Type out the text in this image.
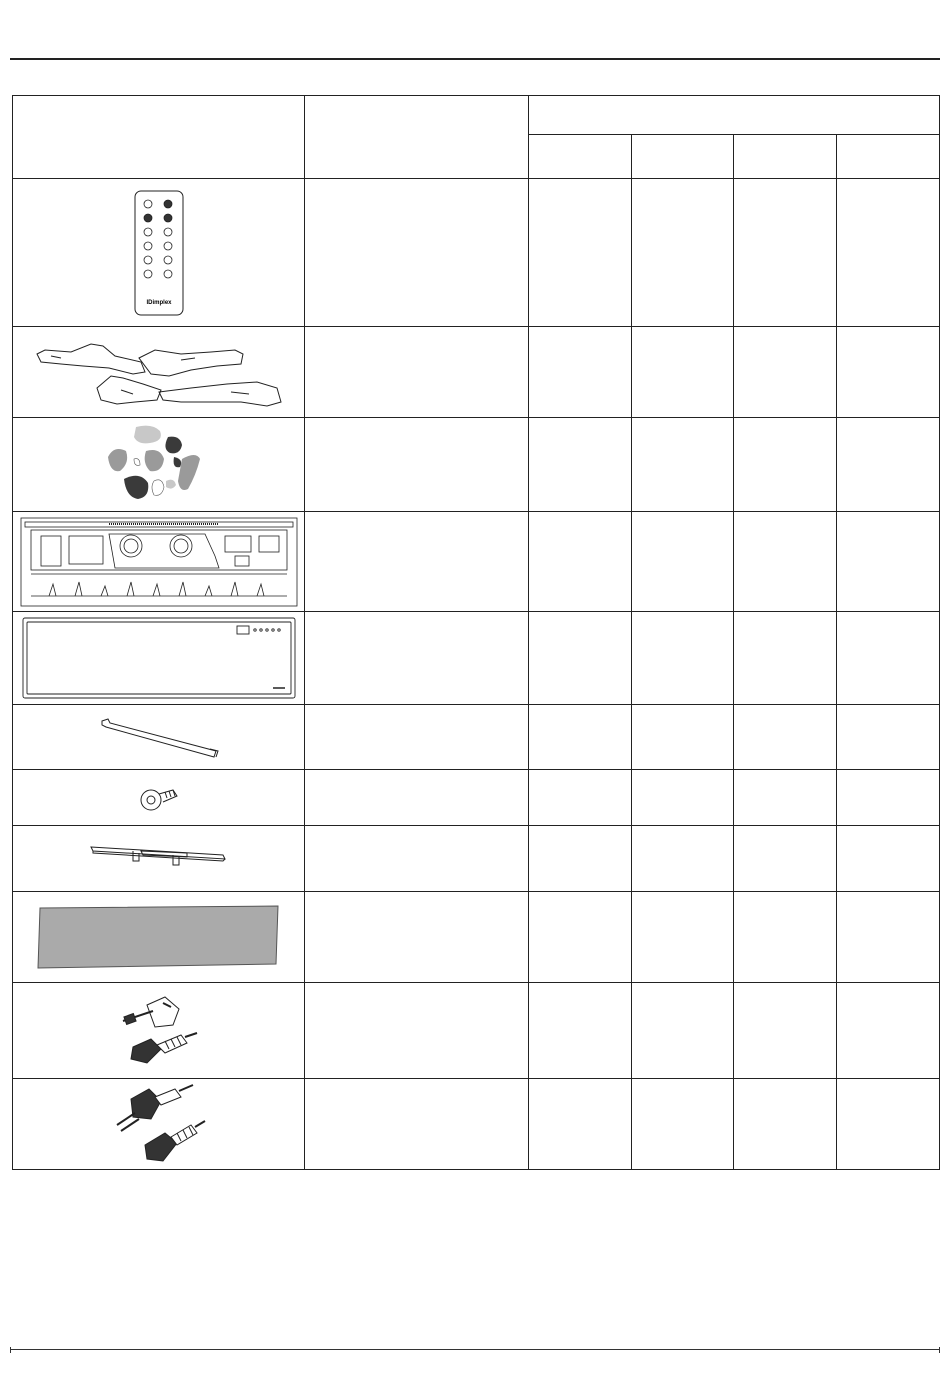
IDimplex					
